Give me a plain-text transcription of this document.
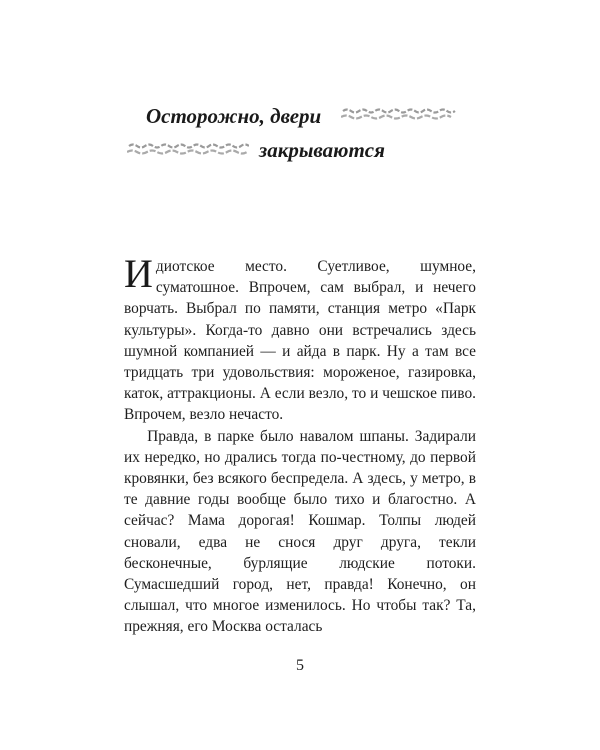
Осторожно, двери
закрываются

Идиотское место. Суетливое, шумное, суматошное. Впрочем, сам выбрал, и нечего ворчать. Выбрал по памяти, станция метро «Парк культуры». Когда-то давно они встречались здесь шумной компанией — и айда в парк. Ну а там все тридцать три удовольствия: мороженое, газировка, каток, аттракционы. А если везло, то и чешское пиво. Впрочем, везло нечасто.

Правда, в парке было навалом шпаны. Задирали их нередко, но дрались тогда по-честному, до первой кровянки, без всякого беспредела. А здесь, у метро, в те давние годы вообще было тихо и благостно. А сейчас? Мама дорогая! Кошмар. Толпы людей сновали, едва не снося друг друга, текли бесконечные, бурлящие людские потоки. Сумасшедший город, нет, правда! Конечно, он слышал, что многое изменилось. Но чтобы так? Та, прежняя, его Москва осталась

5
